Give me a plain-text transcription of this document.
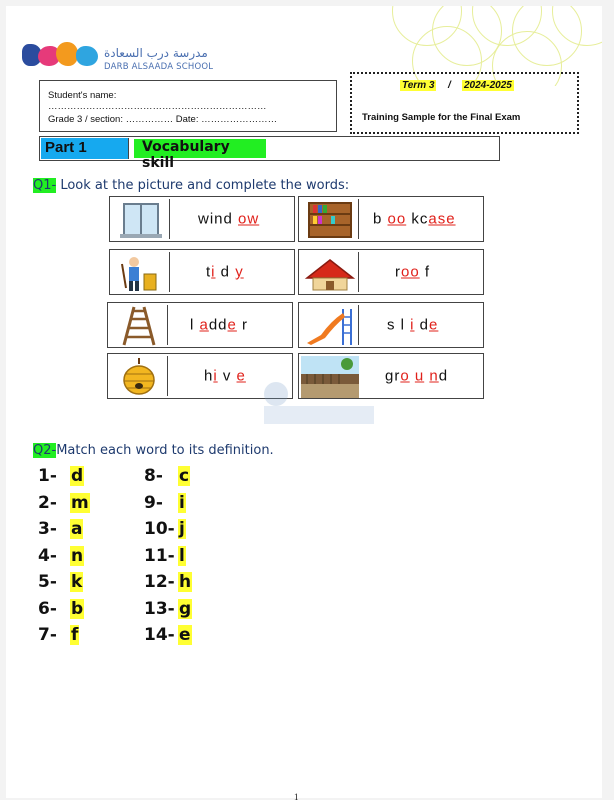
مدرسة درب السعادة
DARB ALSAADA SCHOOL
Student's name: ……………………………………………………………
Grade 3 / section: …………… Date: ……………………
Term 3 / 2024-2025
Training Sample for the Final Exam
Part 1	Vocabulary skill
Q1- Look at the picture and complete the words:
wind ow	b oo kcase
ti d y	roo f
l adde r	s l i de
hi v e	gro u nd
Q2-Match each word to its definition.
1- d
2- m
3- a
4- n
5- k
6- b
7- f
8- c
9- i
10- j
11- l
12- h
13- g
14- e
1
